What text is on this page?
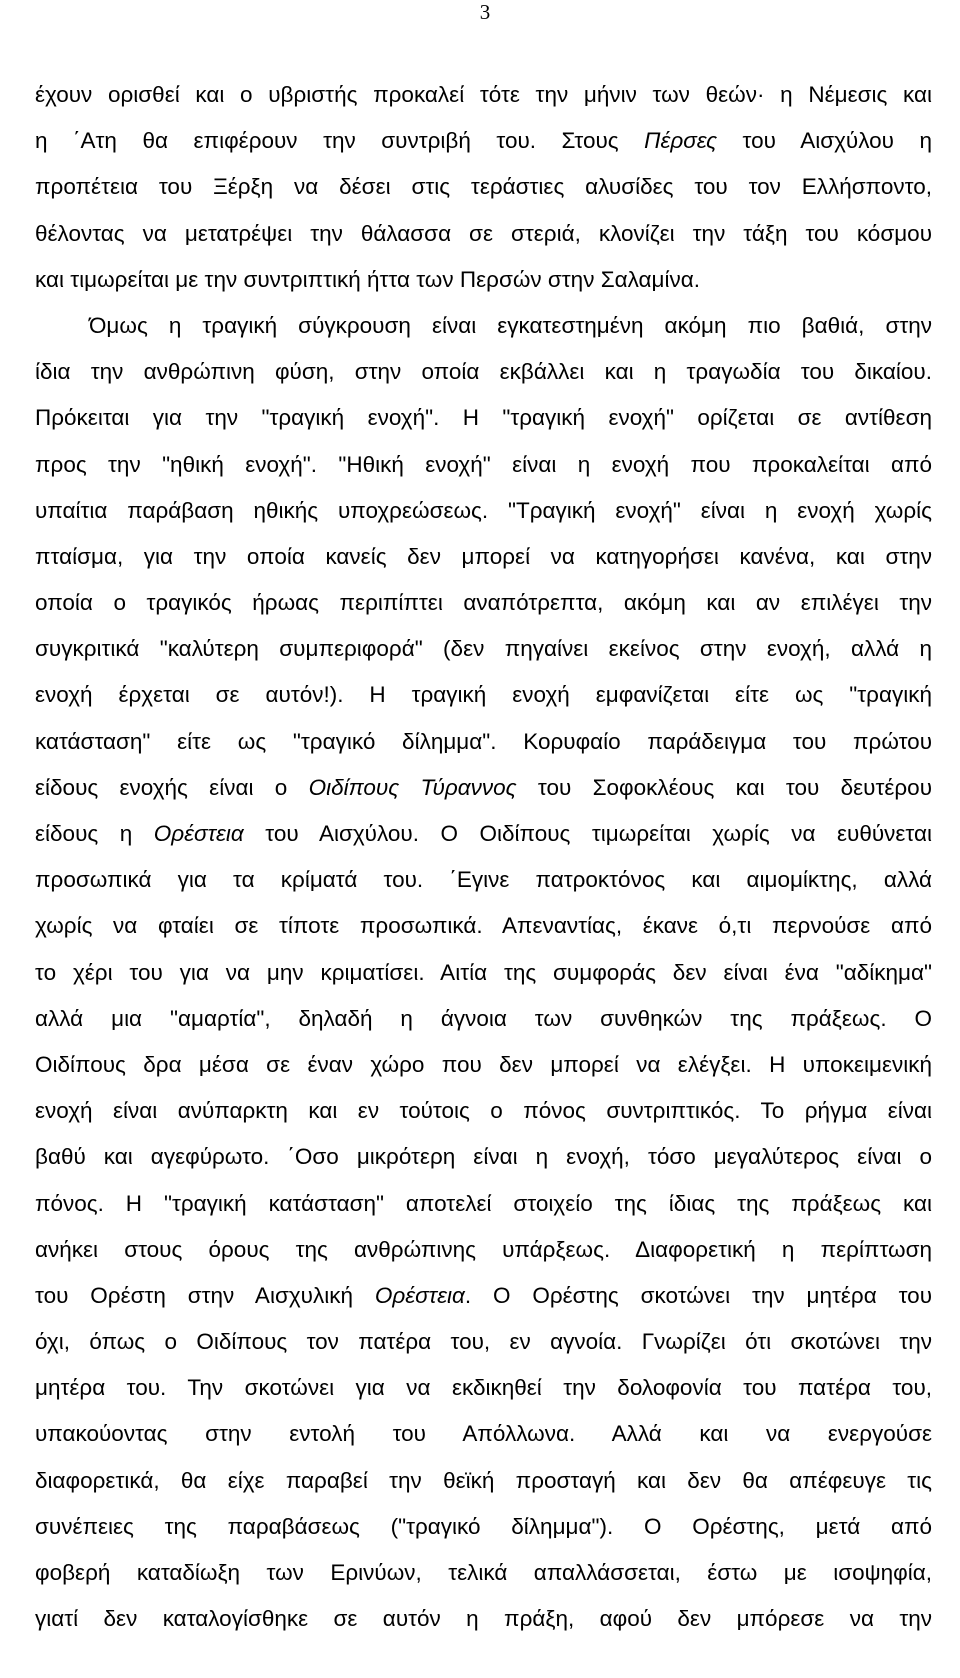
3
έχουν ορισθεί και ο υβριστής προκαλεί τότε την μήνιν των θεών· η Νέμεσις και
η ΄Ατη θα επιφέρουν την συντριβή του. Στους Πέρσες του Αισχύλου η
προπέτεια του Ξέρξη να δέσει στις τεράστιες αλυσίδες του τον Ελλήσποντο,
θέλοντας να μετατρέψει την θάλασσα σε στεριά, κλονίζει την τάξη του κόσμου
και τιμωρείται με την συντριπτική ήττα των Περσών στην Σαλαμίνα.
Όμως η τραγική σύγκρουση είναι εγκατεστημένη ακόμη πιο βαθιά, στην
ίδια την ανθρώπινη φύση, στην οποία εκβάλλει και η τραγωδία του δικαίου.
Πρόκειται για την "τραγική ενοχή". Η "τραγική ενοχή" ορίζεται σε αντίθεση
προς την "ηθική ενοχή". "Ηθική ενοχή" είναι η ενοχή που προκαλείται από
υπαίτια παράβαση ηθικής υποχρεώσεως. "Τραγική ενοχή" είναι η ενοχή χωρίς
πταίσμα, για την οποία κανείς δεν μπορεί να κατηγορήσει κανένα, και στην
οποία ο τραγικός ήρωας περιπίπτει αναπότρεπτα, ακόμη και αν επιλέγει την
συγκριτικά "καλύτερη συμπεριφορά" (δεν πηγαίνει εκείνος στην ενοχή, αλλά η
ενοχή έρχεται σε αυτόν!). Η τραγική ενοχή εμφανίζεται είτε ως "τραγική
κατάσταση" είτε ως "τραγικό δίλημμα". Κορυφαίο παράδειγμα του πρώτου
είδους ενοχής είναι ο Οιδίπους Τύραννος του Σοφοκλέους και του δευτέρου
είδους η Ορέστεια του Αισχύλου. Ο Οιδίπους τιμωρείται χωρίς να ευθύνεται
προσωπικά για τα κρίματά του. ΄Εγινε πατροκτόνος και αιμομίκτης, αλλά
χωρίς να φταίει σε τίποτε προσωπικά. Απεναντίας, έκανε ό,τι περνούσε από
το χέρι του για να μην κριματίσει. Αιτία της συμφοράς δεν είναι ένα "αδίκημα"
αλλά μια "αμαρτία", δηλαδή η άγνοια των συνθηκών της πράξεως. Ο
Οιδίπους δρα μέσα σε έναν χώρο που δεν μπορεί να ελέγξει. Η υποκειμενική
ενοχή είναι ανύπαρκτη και εν τούτοις ο πόνος συντριπτικός. Το ρήγμα είναι
βαθύ και αγεφύρωτο. ΄Οσο μικρότερη είναι η ενοχή, τόσο μεγαλύτερος είναι ο
πόνος. Η "τραγική κατάσταση" αποτελεί στοιχείο της ίδιας της πράξεως και
ανήκει στους όρους της ανθρώπινης υπάρξεως. Διαφορετική η περίπτωση
του Ορέστη στην Αισχυλική Ορέστεια. Ο Ορέστης σκοτώνει την μητέρα του
όχι, όπως ο Οιδίπους τον πατέρα του, εν αγνοία. Γνωρίζει ότι σκοτώνει την
μητέρα του. Την σκοτώνει για να εκδικηθεί την δολοφονία του πατέρα του,
υπακούοντας στην εντολή του Απόλλωνα. Αλλά και να ενεργούσε
διαφορετικά, θα είχε παραβεί την θεϊκή προσταγή και δεν θα απέφευγε τις
συνέπειες της παραβάσεως ("τραγικό δίλημμα"). Ο Ορέστης, μετά από
φοβερή καταδίωξη των Ερινύων, τελικά απαλλάσσεται, έστω με ισοψηφία,
γιατί δεν καταλογίσθηκε σε αυτόν η πράξη, αφού δεν μπόρεσε να την
